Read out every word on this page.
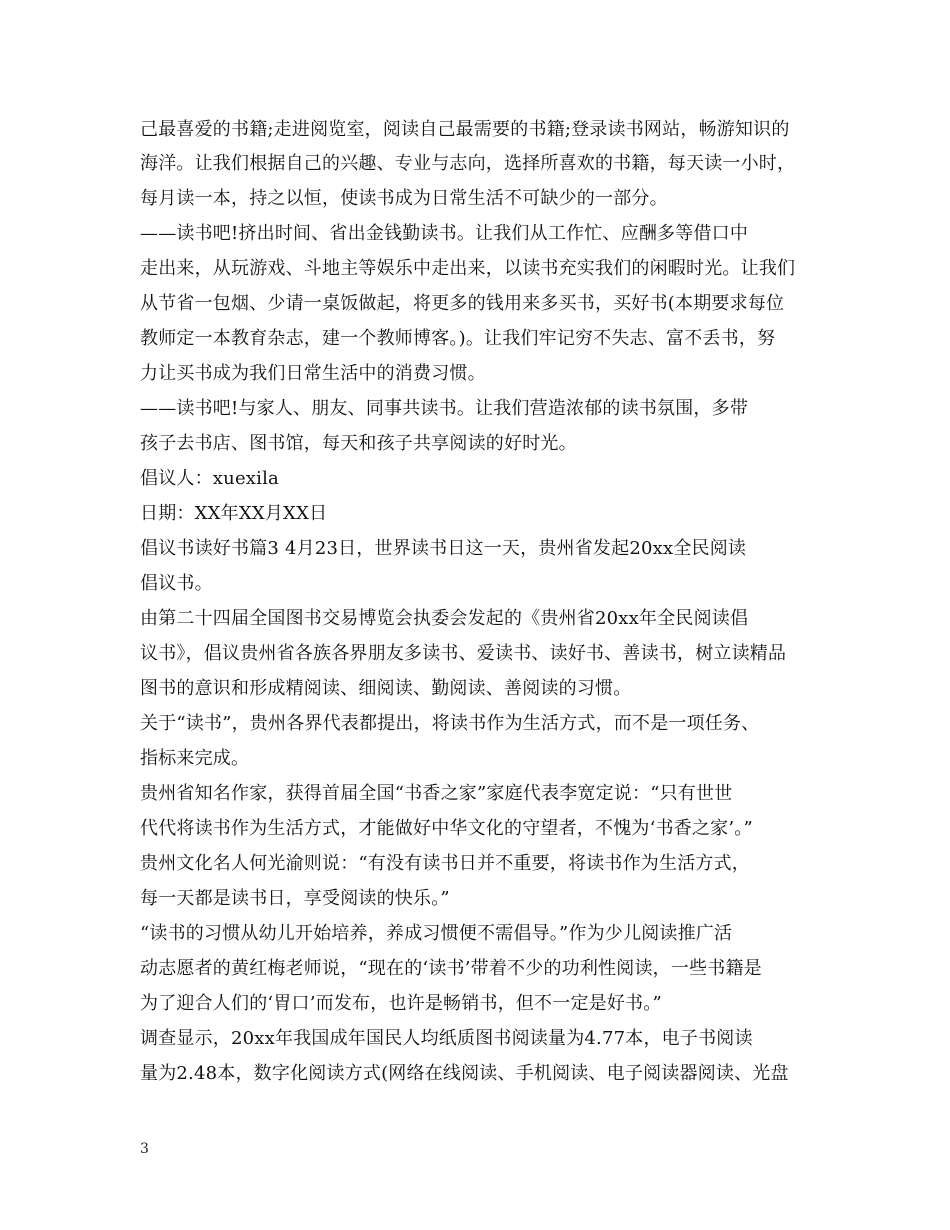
己最喜爱的书籍;走进阅览室，阅读自己最需要的书籍;登录读书网站，畅游知识的
海洋。让我们根据自己的兴趣、专业与志向，选择所喜欢的书籍，每天读一小时，
每月读一本，持之以恒，使读书成为日常生活不可缺少的一部分。
——读书吧!挤出时间、省出金钱勤读书。让我们从工作忙、应酬多等借口中
走出来，从玩游戏、斗地主等娱乐中走出来，以读书充实我们的闲暇时光。让我们
从节省一包烟、少请一桌饭做起，将更多的钱用来多买书，买好书(本期要求每位
教师定一本教育杂志，建一个教师博客。)。让我们牢记穷不失志、富不丢书，努
力让买书成为我们日常生活中的消费习惯。
——读书吧!与家人、朋友、同事共读书。让我们营造浓郁的读书氛围，多带
孩子去书店、图书馆，每天和孩子共享阅读的好时光。
倡议人：xuexila
日期：XX年XX月XX日
倡议书读好书篇3 4月23日，世界读书日这一天，贵州省发起20xx全民阅读
倡议书。
由第二十四届全国图书交易博览会执委会发起的《贵州省20xx年全民阅读倡
议书》，倡议贵州省各族各界朋友多读书、爱读书、读好书、善读书，树立读精品
图书的意识和形成精阅读、细阅读、勤阅读、善阅读的习惯。
关于“读书”，贵州各界代表都提出，将读书作为生活方式，而不是一项任务、
指标来完成。
贵州省知名作家，获得首届全国“书香之家”家庭代表李宽定说：“只有世世
代代将读书作为生活方式，才能做好中华文化的守望者，不愧为‘书香之家’。”
贵州文化名人何光渝则说：“有没有读书日并不重要，将读书作为生活方式，
每一天都是读书日，享受阅读的快乐。”
“读书的习惯从幼儿开始培养，养成习惯便不需倡导。”作为少儿阅读推广活
动志愿者的黄红梅老师说，“现在的‘读书’带着不少的功利性阅读，一些书籍是
为了迎合人们的‘胃口’而发布，也许是畅销书，但不一定是好书。”
调查显示，20xx年我国成年国民人均纸质图书阅读量为4.77本，电子书阅读
量为2.48本，数字化阅读方式(网络在线阅读、手机阅读、电子阅读器阅读、光盘
3
